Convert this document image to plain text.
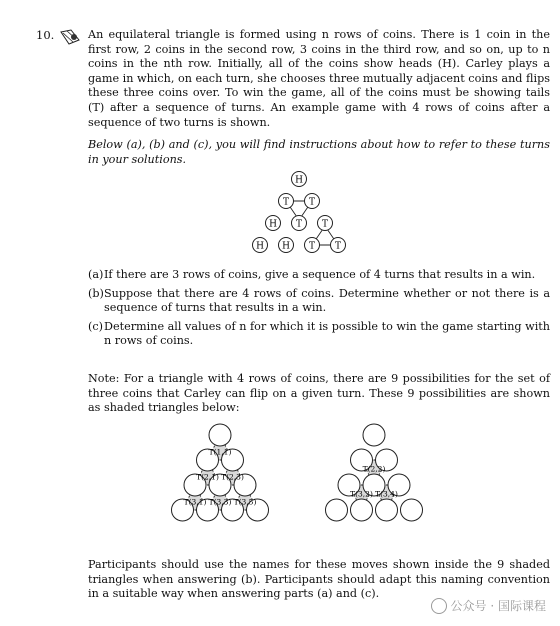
10.	An equilateral triangle is formed using n rows of coins. There is 1 coin in the first row, 2 coins in the second row, 3 coins in the third row, and so on, up to n coins in the nth row. Initially, all of the coins show heads (H). Carley plays a game in which, on each turn, she chooses three mutually adjacent coins and flips these three coins over. To win the game, all of the coins must be showing tails (T) after a sequence of turns. An example game with 4 rows of coins after a sequence of two turns is shown.
Below (a), (b) and (c), you will find instructions about how to refer to these turns in your solutions.
H
T T
H T T
H H T T
(a) If there are 3 rows of coins, give a sequence of 4 turns that results in a win.
(b) Suppose that there are 4 rows of coins. Determine whether or not there is a sequence of turns that results in a win.
(c) Determine all values of n for which it is possible to win the game starting with n rows of coins.
Note: For a triangle with 4 rows of coins, there are 9 possibilities for the set of three coins that Carley can flip on a given turn. These 9 possibilities are shown as shaded triangles below:
T(1,1)
T(2,1) T(2,3)
T(3,1) T(3,3) T(3,5)
T(2,2)
T(3,2) T(3,4)
Participants should use the names for these moves shown inside the 9 shaded triangles when answering (b). Participants should adapt this naming convention in a suitable way when answering parts (a) and (c).
公众号 · 国际课程
